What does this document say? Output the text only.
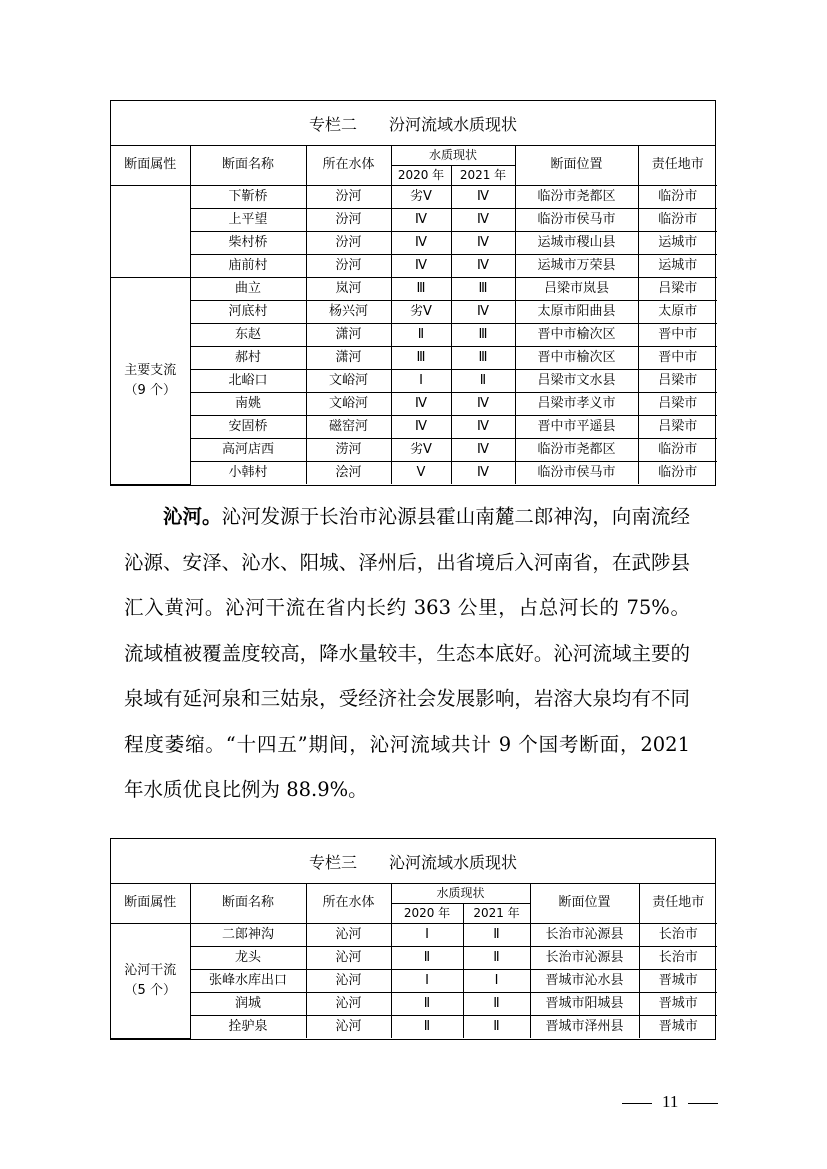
专栏二 汾河流域水质现状
断面属性	断面名称	所在水体	水质现状		断面位置	责任地市
			2020 年	2021 年		
	下靳桥	汾河	劣Ⅴ	Ⅳ	临汾市尧都区	临汾市
	上平望	汾河	Ⅳ	Ⅳ	临汾市侯马市	临汾市
	柴村桥	汾河	Ⅳ	Ⅳ	运城市稷山县	运城市
	庙前村	汾河	Ⅳ	Ⅳ	运城市万荣县	运城市
主要支流
（9 个）	曲立	岚河	Ⅲ	Ⅲ	吕梁市岚县	吕梁市
	河底村	杨兴河	劣Ⅴ	Ⅳ	太原市阳曲县	太原市
	东赵	潇河	Ⅱ	Ⅲ	晋中市榆次区	晋中市
	郝村	潇河	Ⅲ	Ⅲ	晋中市榆次区	晋中市
	北峪口	文峪河	Ⅰ	Ⅱ	吕梁市文水县	吕梁市
	南姚	文峪河	Ⅳ	Ⅳ	吕梁市孝义市	吕梁市
	安固桥	磁窑河	Ⅳ	Ⅳ	晋中市平遥县	吕梁市
	高河店西	涝河	劣Ⅴ	Ⅳ	临汾市尧都区	临汾市
	小韩村	浍河	Ⅴ	Ⅳ	临汾市侯马市	临汾市
沁河。沁河发源于长治市沁源县霍山南麓二郎神沟，向南流经沁源、安泽、沁水、阳城、泽州后，出省境后入河南省，在武陟县汇入黄河。沁河干流在省内长约 363 公里，占总河长的 75%。流域植被覆盖度较高，降水量较丰，生态本底好。沁河流域主要的泉域有延河泉和三姑泉，受经济社会发展影响，岩溶大泉均有不同程度萎缩。“十四五”期间，沁河流域共计 9 个国考断面，2021 年水质优良比例为 88.9%。
专栏三 沁河流域水质现状
断面属性	断面名称	所在水体	水质现状		断面位置	责任地市
			2020 年	2021 年		
沁河干流
（5 个）	二郎神沟	沁河	Ⅰ	Ⅱ	长治市沁源县	长治市
	龙头	沁河	Ⅱ	Ⅱ	长治市沁源县	长治市
	张峰水库出口	沁河	Ⅰ	Ⅰ	晋城市沁水县	晋城市
	润城	沁河	Ⅱ	Ⅱ	晋城市阳城县	晋城市
	拴驴泉	沁河	Ⅱ	Ⅱ	晋城市泽州县	晋城市
11
